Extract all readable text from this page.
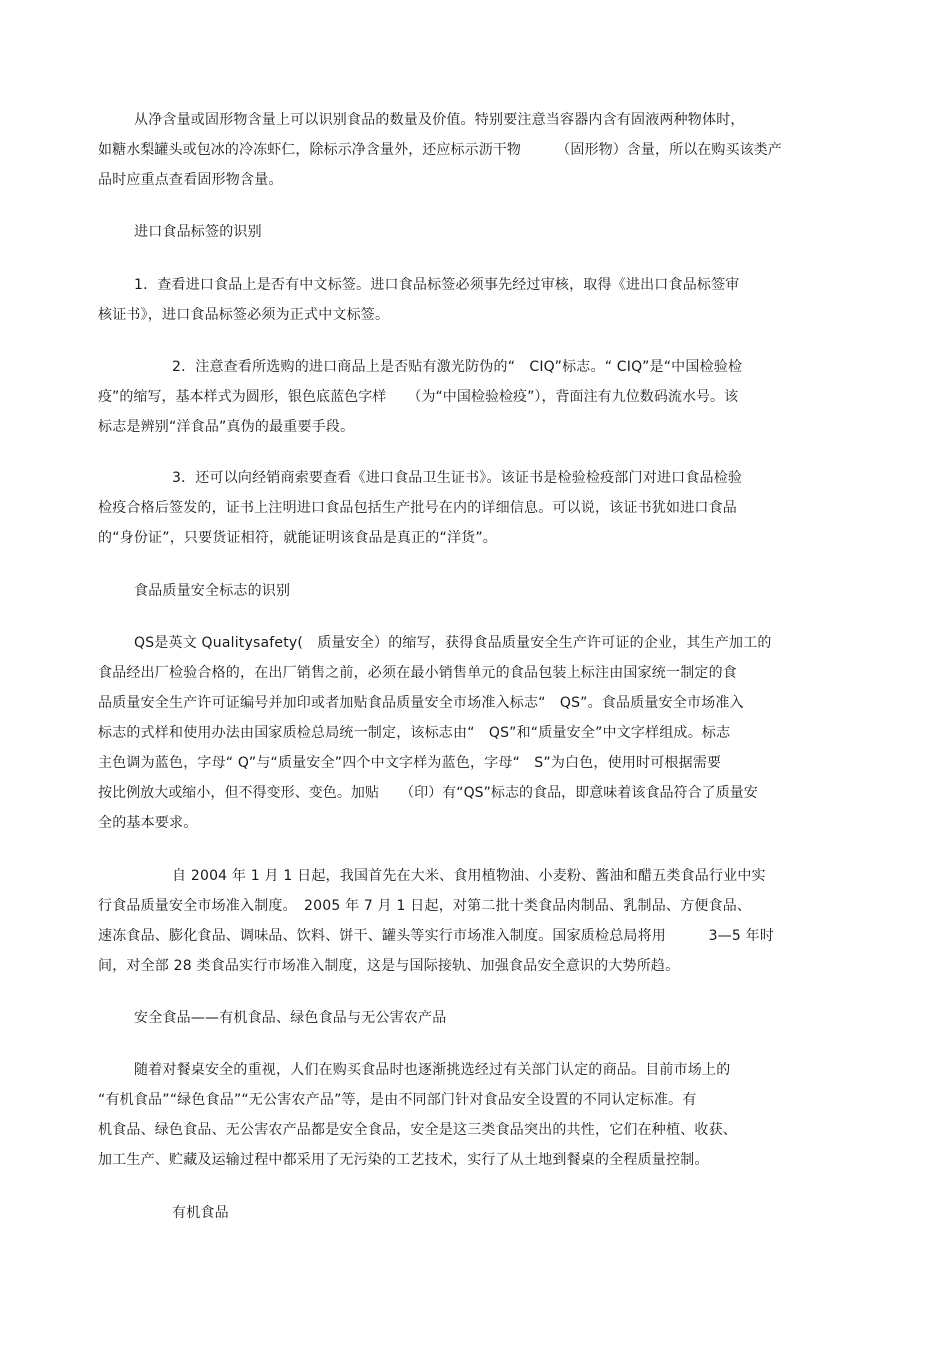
从净含量或固形物含量上可以识别食品的数量及价值。特别要注意当容器内含有固液两种物体时，
如糖水梨罐头或包冰的冷冻虾仁，除标示净含量外，还应标示沥干物　　　（固形物）含量，所以在购买该类产
品时应重点查看固形物含量。
进口食品标签的识别
1．查看进口食品上是否有中文标签。进口食品标签必须事先经过审核，取得《进出口食品标签审
核证书》，进口食品标签必须为正式中文标签。
2．注意查看所选购的进口商品上是否贴有激光防伪的“　CIQ”标志。“ CIQ”是“中国检验检
疫”的缩写，基本样式为圆形，银色底蓝色字样　　（为“中国检验检疫”），背面注有九位数码流水号。该
标志是辨别“洋食品”真伪的最重要手段。
3．还可以向经销商索要查看《进口食品卫生证书》。该证书是检验检疫部门对进口食品检验
检疫合格后签发的，证书上注明进口食品包括生产批号在内的详细信息。可以说，该证书犹如进口食品
的“身份证”，只要货证相符，就能证明该食品是真正的“洋货”。
食品质量安全标志的识别
QS是英文 Qualitysafety(　质量安全）的缩写，获得食品质量安全生产许可证的企业，其生产加工的
食品经出厂检验合格的，在出厂销售之前，必须在最小销售单元的食品包装上标注由国家统一制定的食
品质量安全生产许可证编号并加印或者加贴食品质量安全市场准入标志“　QS”。食品质量安全市场准入
标志的式样和使用办法由国家质检总局统一制定，该标志由“　QS”和“质量安全”中文字样组成。标志
主色调为蓝色，字母“ Q”与“质量安全”四个中文字样为蓝色，字母“　S”为白色，使用时可根据需要
按比例放大或缩小，但不得变形、变色。加贴　　（印）有“QS”标志的食品，即意味着该食品符合了质量安
全的基本要求。
自 2004 年 1 月 1 日起，我国首先在大米、食用植物油、小麦粉、酱油和醋五类食品行业中实
行食品质量安全市场准入制度。　2005 年 7 月 1 日起，对第二批十类食品肉制品、乳制品、方便食品、
速冻食品、膨化食品、调味品、饮料、饼干、罐头等实行市场准入制度。国家质检总局将用　　　3—5 年时
间，对全部 28 类食品实行市场准入制度，这是与国际接轨、加强食品安全意识的大势所趋。
安全食品——有机食品、绿色食品与无公害农产品
随着对餐桌安全的重视，人们在购买食品时也逐渐挑选经过有关部门认定的商品。目前市场上的
“有机食品”“绿色食品”“无公害农产品”等，是由不同部门针对食品安全设置的不同认定标准。有
机食品、绿色食品、无公害农产品都是安全食品，安全是这三类食品突出的共性，它们在种植、收获、
加工生产、贮藏及运输过程中都采用了无污染的工艺技术，实行了从土地到餐桌的全程质量控制。
有机食品
